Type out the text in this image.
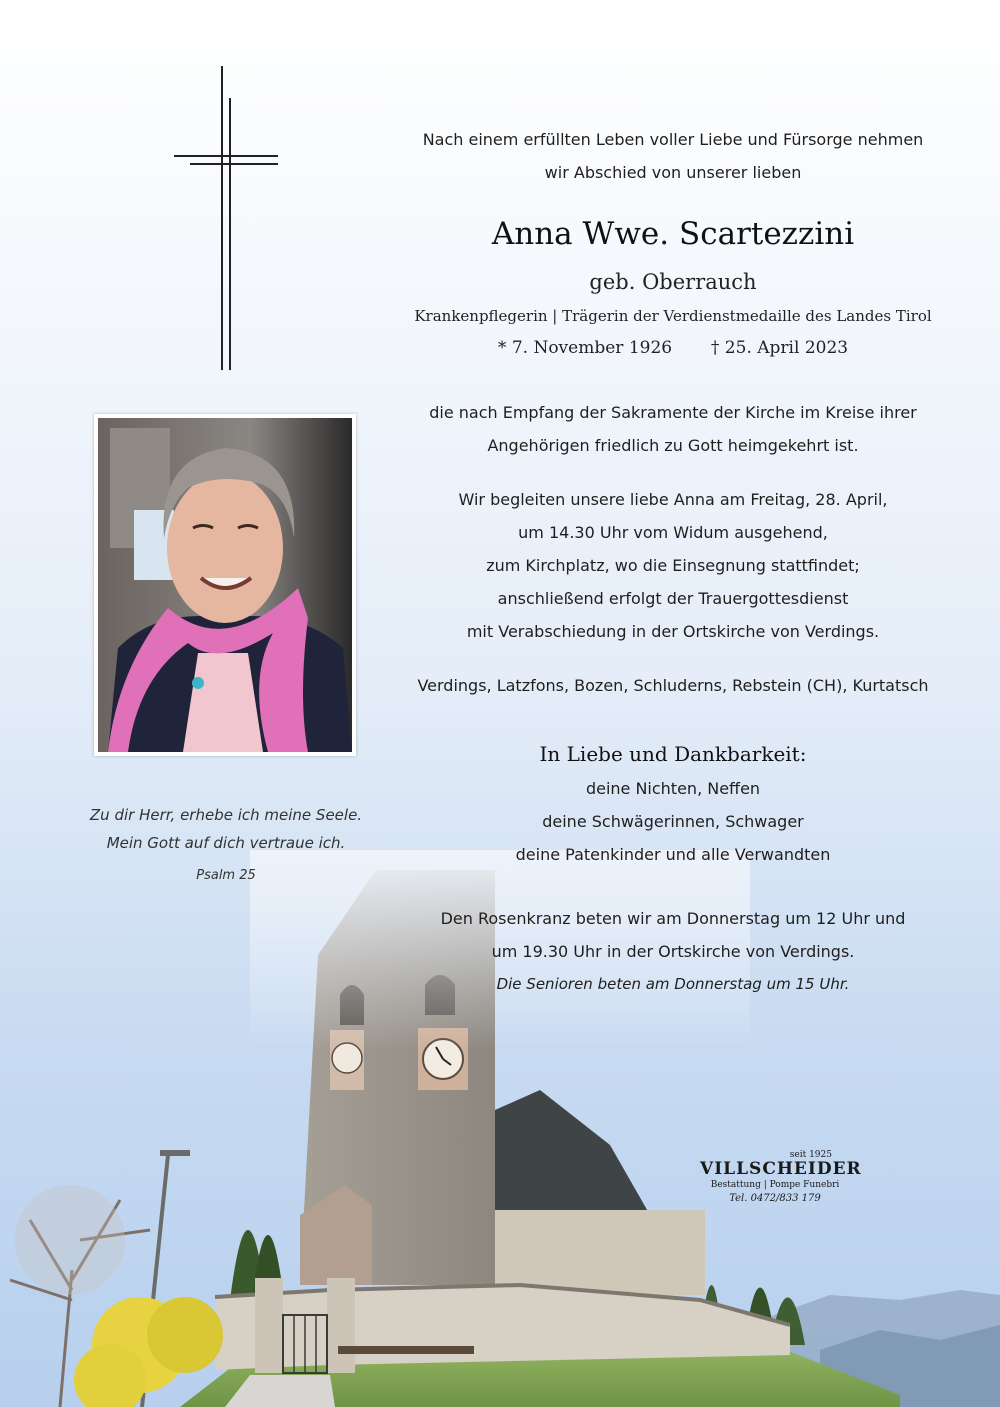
Zu dir Herr, erhebe ich meine Seele.
Mein Gott auf dich vertraue ich.
Psalm 25
Nach einem erfüllten Leben voller Liebe und Fürsorge nehmen
wir Abschied von unserer lieben
Anna Wwe. Scartezzini
geb. Oberrauch
Krankenpflegerin | Trägerin der Verdienstmedaille des Landes Tirol
* 7. November 1926 † 25. April 2023
die nach Empfang der Sakramente der Kirche im Kreise ihrer
Angehörigen friedlich zu Gott heimgekehrt ist.
Wir begleiten unsere liebe Anna am Freitag, 28. April,
um 14.30 Uhr vom Widum ausgehend,
zum Kirchplatz, wo die Einsegnung stattfindet;
anschließend erfolgt der Trauergottesdienst
mit Verabschiedung in der Ortskirche von Verdings.
Verdings, Latzfons, Bozen, Schluderns, Rebstein (CH), Kurtatsch
In Liebe und Dankbarkeit:
deine Nichten, Neffen
deine Schwägerinnen, Schwager
deine Patenkinder und alle Verwandten
Den Rosenkranz beten wir am Donnerstag um 12 Uhr und
um 19.30 Uhr in der Ortskirche von Verdings.
Die Senioren beten am Donnerstag um 15 Uhr.
seit 1925
VILLSCHEIDER
Bestattung | Pompe Funebri
Tel. 0472/833 179
